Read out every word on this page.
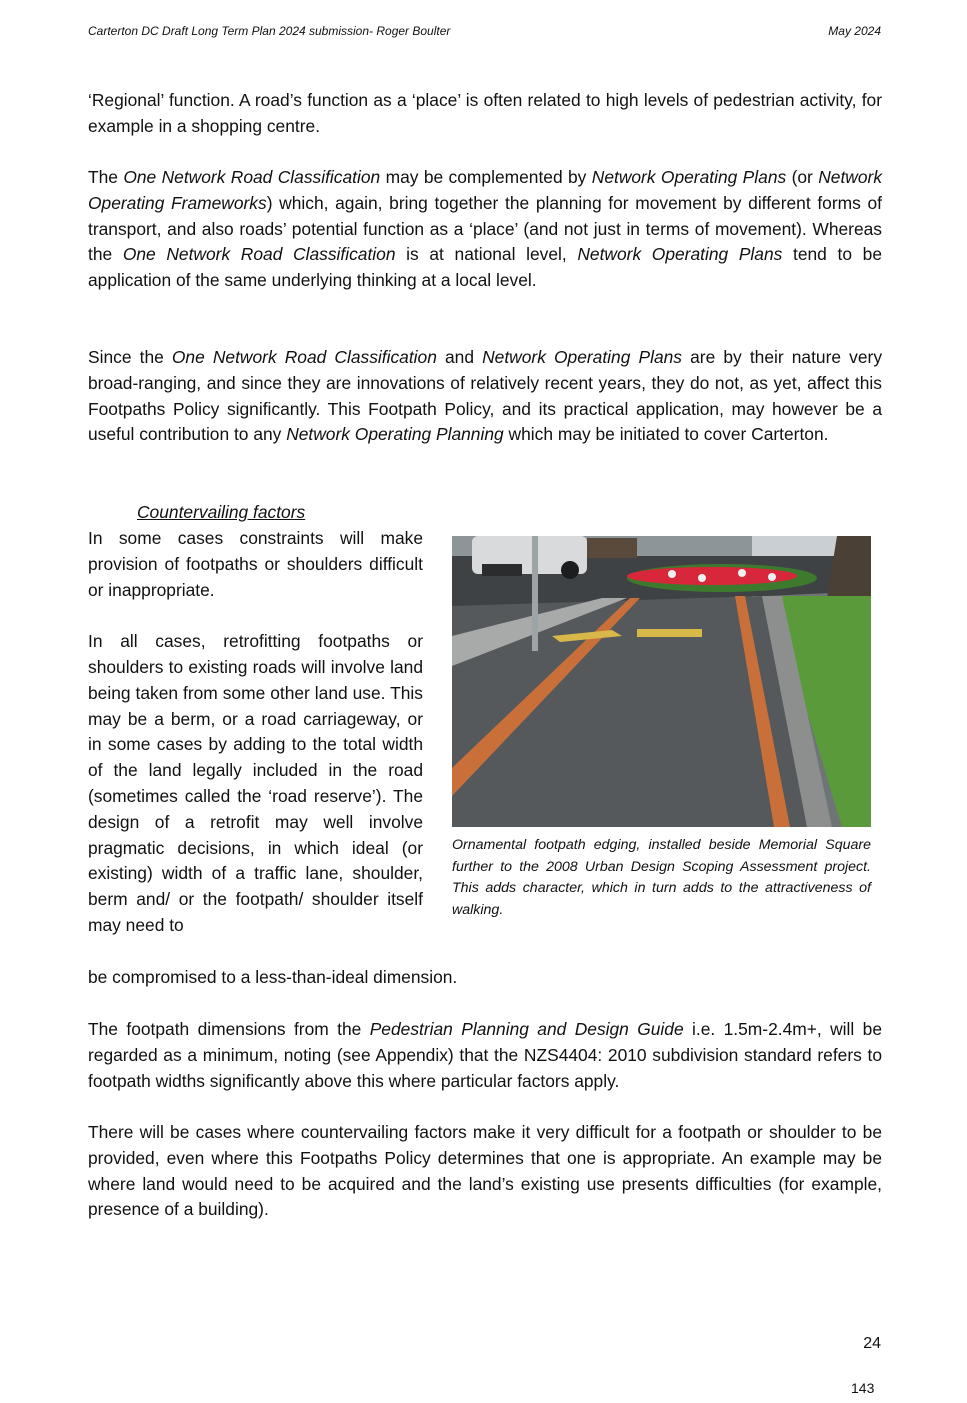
Carterton DC Draft Long Term Plan 2024 submission- Roger Boulter	May 2024

‘Regional’ function. A road’s function as a ‘place’ is often related to high levels of pedestrian activity, for example in a shopping centre.

The One Network Road Classification may be complemented by Network Operating Plans (or Network Operating Frameworks) which, again, bring together the planning for movement by different forms of transport, and also roads’ potential function as a ‘place’ (and not just in terms of movement). Whereas the One Network Road Classification is at national level, Network Operating Plans tend to be application of the same underlying thinking at a local level.

Since the One Network Road Classification and Network Operating Plans are by their nature very broad-ranging, and since they are innovations of relatively recent years, they do not, as yet, affect this Footpaths Policy significantly. This Footpath Policy, and its practical application, may however be a useful contribution to any Network Operating Planning which may be initiated to cover Carterton.

Countervailing factors

In some cases constraints will make provision of footpaths or shoulders difficult or inappropriate.

In all cases, retrofitting footpaths or shoulders to existing roads will involve land being taken from some other land use. This may be a berm, or a road carriageway, or in some cases by adding to the total width of the land legally included in the road (sometimes called the ‘road reserve’). The design of a retrofit may well involve pragmatic decisions, in which ideal (or existing) width of a traffic lane, shoulder, berm and/ or the footpath/ shoulder itself may need to

be compromised to a less-than-ideal dimension.
Ornamental footpath edging, installed beside Memorial Square further to the 2008 Urban Design Scoping Assessment project. This adds character, which in turn adds to the attractiveness of walking.

The footpath dimensions from the Pedestrian Planning and Design Guide i.e. 1.5m-2.4m+, will be regarded as a minimum, noting (see Appendix) that the NZS4404: 2010 subdivision standard refers to footpath widths significantly above this where particular factors apply.

There will be cases where countervailing factors make it very difficult for a footpath or shoulder to be provided, even where this Footpaths Policy determines that one is appropriate. An example may be where land would need to be acquired and the land’s existing use presents difficulties (for example, presence of a building).

24
143
